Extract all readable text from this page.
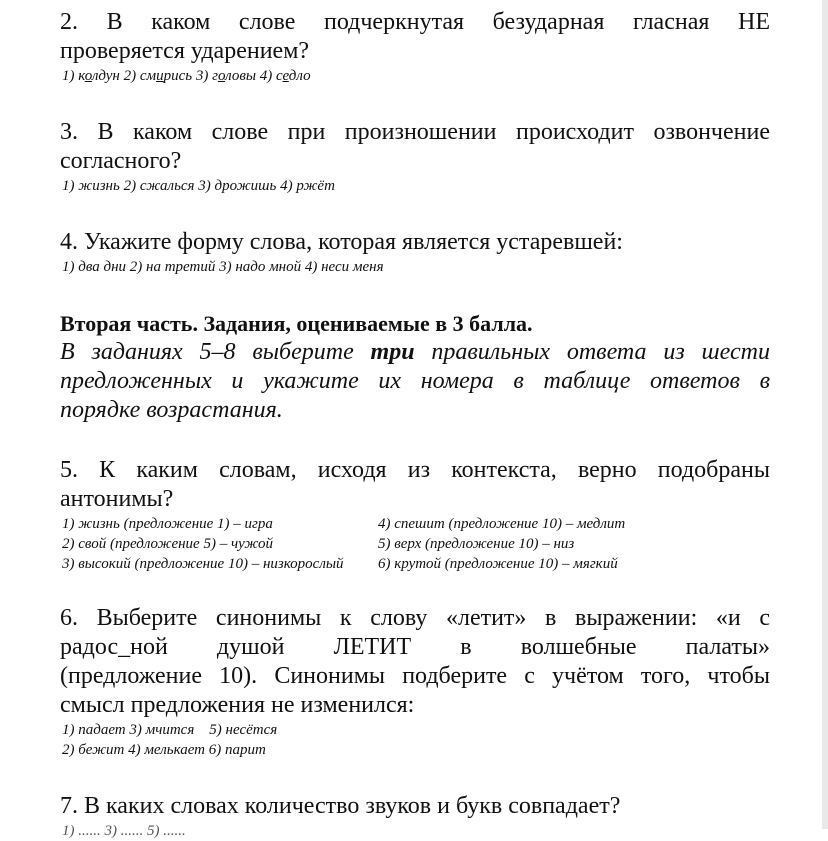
2. В каком слове подчеркнутая безударная гласная НЕ

проверяется ударением?

1) колдун 2) смирись 3) головы 4) седло

3. В каком слове при произношении происходит озвончение

согласного?

1) жизнь 2) сжалься 3) дрожишь 4) ржёт

4. Укажите форму слова, которая является устаревшей:

1) два дни 2) на третий 3) надо мной 4) неси меня

Вторая часть. Задания, оцениваемые в 3 балла.

В заданиях 5–8 выберите три правильных ответа из шести

предложенных и укажите их номера в таблице ответов в

порядке возрастания.

5. К каким словам, исходя из контекста, верно подобраны

антонимы?

1) жизнь (предложение 1) – игра	4) спешит (предложение 10) – медлит
2) свой (предложение 5) – чужой	5) верх (предложение 10) – низ
3) высокий (предложение 10) – низкорослый	6) крутой (предложение 10) – мягкий

6. Выберите синонимы к слову «летит» в выражении: «и с

радос_ной душой ЛЕТИТ в волшебные палаты»

(предложение 10). Синонимы подберите с учётом того, чтобы

смысл предложения не изменился:

1) падает 3) мчится    5) несётся

2) бежит 4) мелькает 6) парит

7. В каких словах количество звуков и букв совпадает?

1) ...... 3) ...... 5) ......
